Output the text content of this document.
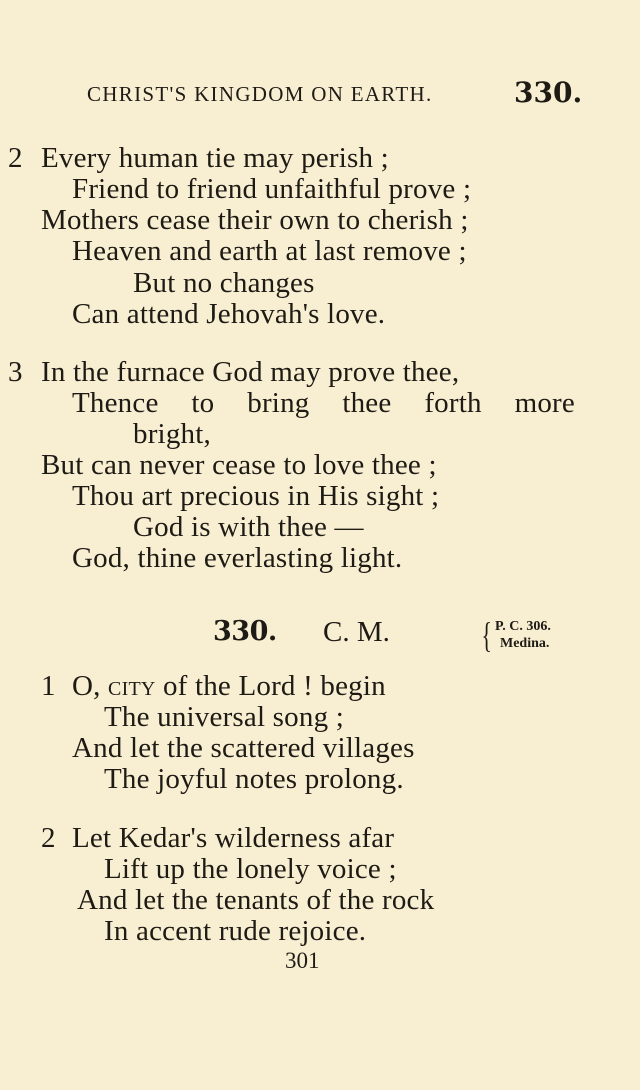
CHRIST'S KINGDOM ON EARTH.	330.
2 Every human tie may perish ;
Friend to friend unfaithful prove ;
Mothers cease their own to cherish ;
Heaven and earth at last remove ;
But no changes
Can attend Jehovah's love.
3 In the furnace God may prove thee,
Thence to bring thee forth more
bright,
But can never cease to love thee ;
Thou art precious in His sight ;
God is with thee —
God, thine everlasting light.
330. C. M.	{ P. C. 306.
Medina.
1 O, city of the Lord ! begin
The universal song ;
And let the scattered villages
The joyful notes prolong.
2 Let Kedar's wilderness afar
Lift up the lonely voice ;
And let the tenants of the rock
In accent rude rejoice.
301
